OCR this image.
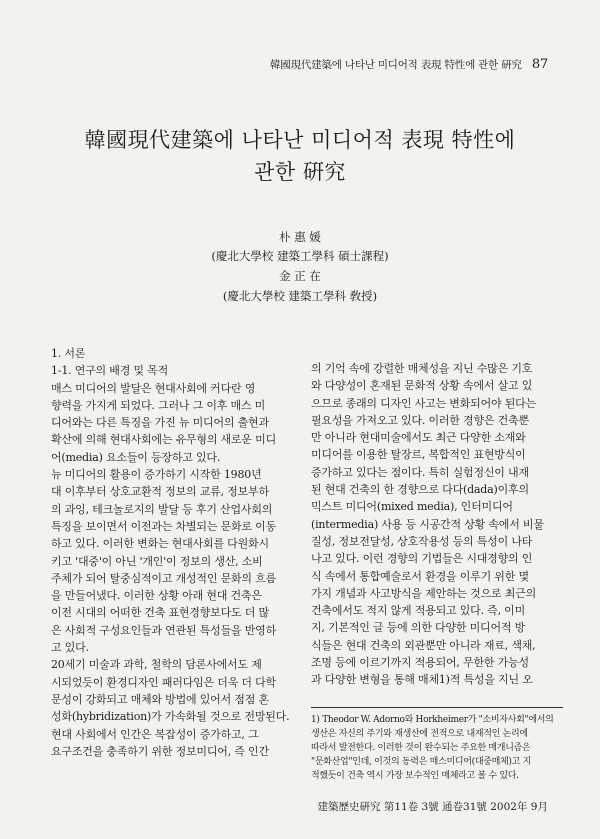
韓國現代建築에 나타난 미디어적 表現 特性에 관한 硏究 87
韓國現代建築에 나타난 미디어적 表現 特性에
관한 硏究
朴 惠 媛
(慶北大學校 建築工學科 碩士課程)
金 正 在
(慶北大學校 建築工學科 敎授)
1. 서론
1-1. 연구의 배경 및 목적
매스 미디어의 발달은 현대사회에 커다란 영
향력을 가지게 되었다. 그러나 그 이후 매스 미
디어와는 다른 특징을 가진 뉴 미디어의 출현과
확산에 의해 현대사회에는 유무형의 새로운 미디
어(media) 요소들이 등장하고 있다.
뉴 미디어의 활용이 증가하기 시작한 1980년
대 이후부터 상호교환적 정보의 교류, 정보부하
의 과잉, 테크놀로지의 발달 등 후기 산업사회의
특징을 보이면서 이전과는 차별되는 문화로 이동
하고 있다. 이러한 변화는 현대사회를 다원화시
키고 '대중'이 아닌 '개인'이 정보의 생산, 소비
주체가 되어 탈중심적이고 개성적인 문화의 흐름
을 만들어냈다. 이러한 상황 아래 현대 건축은
이전 시대의 어떠한 건축 표현경향보다도 더 많
은 사회적 구성요인들과 연관된 특성들을 반영하
고 있다.
20세기 미술과 과학, 철학의 담론사에서도 제
시되었듯이 환경디자인 패러다임은 더욱 더 다학
문성이 강화되고 매체와 방법에 있어서 점점 혼
성화(hybridization)가 가속화될 것으로 전망된다.
현대 사회에서 인간은 복잡성이 증가하고, 그
요구조건을 충족하기 위한 정보미디어, 즉 인간
의 기억 속에 강렬한 매체성을 지닌 수많은 기호
와 다양성이 혼재된 문화적 상황 속에서 살고 있
으므로 종래의 디자인 사고는 변화되어야 된다는
필요성을 가져오고 있다. 이러한 경향은 건축뿐
만 아니라 현대미술에서도 최근 다양한 소재와
미디어를 이용한 탈장르, 복합적인 표현방식이
증가하고 있다는 점이다. 특히 실험정신이 내재
된 현대 건축의 한 경향으로 다다(dada)이후의
믹스트 미디어(mixed media), 인터미디어
(intermedia) 사용 등 시공간적 상황 속에서 비물
질성, 정보전달성, 상호작용성 등의 특성이 나타
나고 있다. 이런 경향의 기법들은 시대경향의 인
식 속에서 통합예술로서 환경을 이루기 위한 몇
가지 개념과 사고방식을 제안하는 것으로 최근의
건축에서도 적지 않게 적용되고 있다. 즉, 이미
지, 기본적인 글 등에 의한 다양한 미디어적 방
식들은 현대 건축의 외관뿐만 아니라 재료, 색채,
조명 등에 이르기까지 적용되어, 무한한 가능성
과 다양한 변형을 통해 매체1)적 특성을 지닌 오
1) Theodor W. Adorno와 Horkheimer가 "소비자사회"에서의
생산은 자신의 주기와 재생산에 전적으로 내재적인 논리에
따라서 발전한다. 이러한 것이 완수되는 주요한 매개니즘은
"문화산업"인데, 이것의 동력은 매스미디어(대중매체)고 지
적했듯이 건축 역시 가장 보수적인 매체라고 볼 수 있다.
建築歷史硏究 第11卷 3號 通卷31號 2002年 9月
